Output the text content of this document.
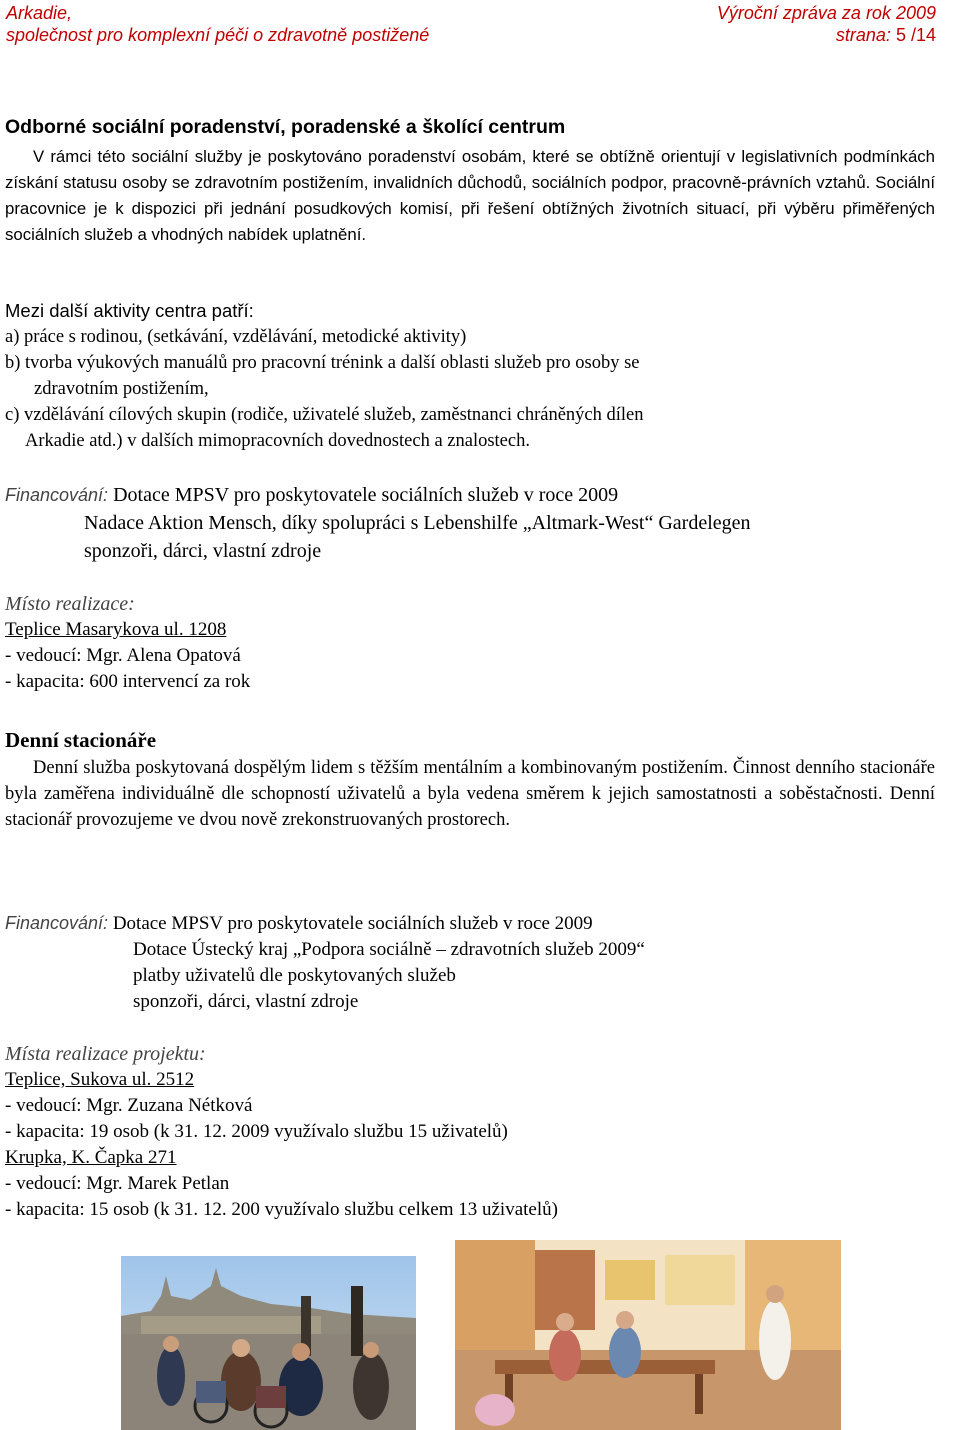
Arkadie,
společnost pro komplexní péči o zdravotně postižené
Výroční zpráva za rok 2009
strana: 5 /14
Odborné sociální poradenství, poradenské a školící centrum
V rámci této sociální služby je poskytováno poradenství osobám, které se obtížně orientují v legislativních podmínkách získání statusu osoby se zdravotním postižením, invalidních důchodů, sociálních podpor, pracovně-právních vztahů. Sociální pracovnice je k dispozici při jednání posudkových komisí, při řešení obtížných životních situací, při výběru přiměřených sociálních služeb a vhodných nabídek uplatnění.
Mezi další aktivity centra patří:
a) práce s rodinou, (setkávání, vzdělávání, metodické aktivity)
b) tvorba výukových manuálů pro pracovní trénink a další oblasti služeb pro osoby se
zdravotním postižením,
c) vzdělávání cílových skupin (rodiče, uživatelé služeb, zaměstnanci chráněných dílen
Arkadie atd.) v dalších mimopracovních dovednostech a znalostech.
Financování: Dotace MPSV pro poskytovatele sociálních služeb v roce 2009
Nadace Aktion Mensch, díky spolupráci s Lebenshilfe „Altmark-West“ Gardelegen
sponzoři, dárci, vlastní zdroje
Místo realizace:
Teplice Masarykova ul. 1208
- vedoucí: Mgr. Alena Opatová
- kapacita: 600 intervencí za rok
Denní stacionáře
Denní služba poskytovaná dospělým lidem s těžším mentálním a kombinovaným postižením. Činnost denního stacionáře byla zaměřena individuálně dle schopností uživatelů a byla vedena směrem k jejich samostatnosti a soběstačnosti. Denní stacionář provozujeme ve dvou nově zrekonstruovaných prostorech.
Financování: Dotace MPSV pro poskytovatele sociálních služeb v roce 2009
Dotace Ústecký kraj „Podpora sociálně – zdravotních služeb 2009“
platby uživatelů dle poskytovaných služeb
sponzoři, dárci, vlastní zdroje
Místa realizace projektu:
Teplice, Sukova ul. 2512
- vedoucí: Mgr. Zuzana Nétková
- kapacita: 19 osob (k 31. 12. 2009 využívalo službu 15 uživatelů)
Krupka, K. Čapka 271
- vedoucí: Mgr. Marek Petlan
- kapacita: 15 osob (k 31. 12. 200 využívalo službu celkem 13 uživatelů)
